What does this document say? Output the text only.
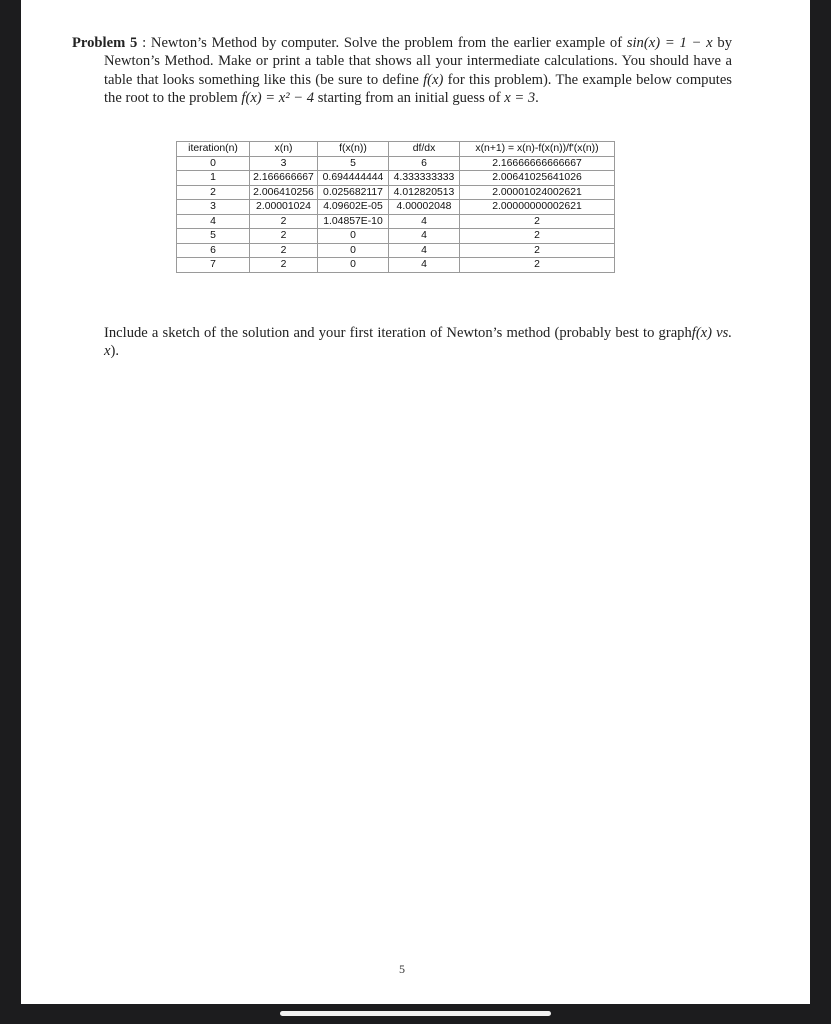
Problem 5 : Newton’s Method by computer. Solve the problem from the earlier example of sin(x) = 1 − x by Newton’s Method. Make or print a table that shows all your intermediate calculations. You should have a table that looks something like this (be sure to define f(x) for this problem). The example below computes the root to the problem f(x) = x² − 4 starting from an initial guess of x = 3.

iteration(n)	x(n)	f(x(n))	df/dx	x(n+1) = x(n)-f(x(n))/f'(x(n))
0	3	5	6	2.16666666666667
1	2.166666667	0.694444444	4.333333333	2.00641025641026
2	2.006410256	0.025682117	4.012820513	2.00001024002621
3	2.00001024	4.09602E-05	4.00002048	2.00000000002621
4	2	1.04857E-10	4	2
5	2	0	4	2
6	2	0	4	2
7	2	0	4	2

Include a sketch of the solution and your first iteration of Newton’s method (probably best to graphf(x) vs. x).

5
